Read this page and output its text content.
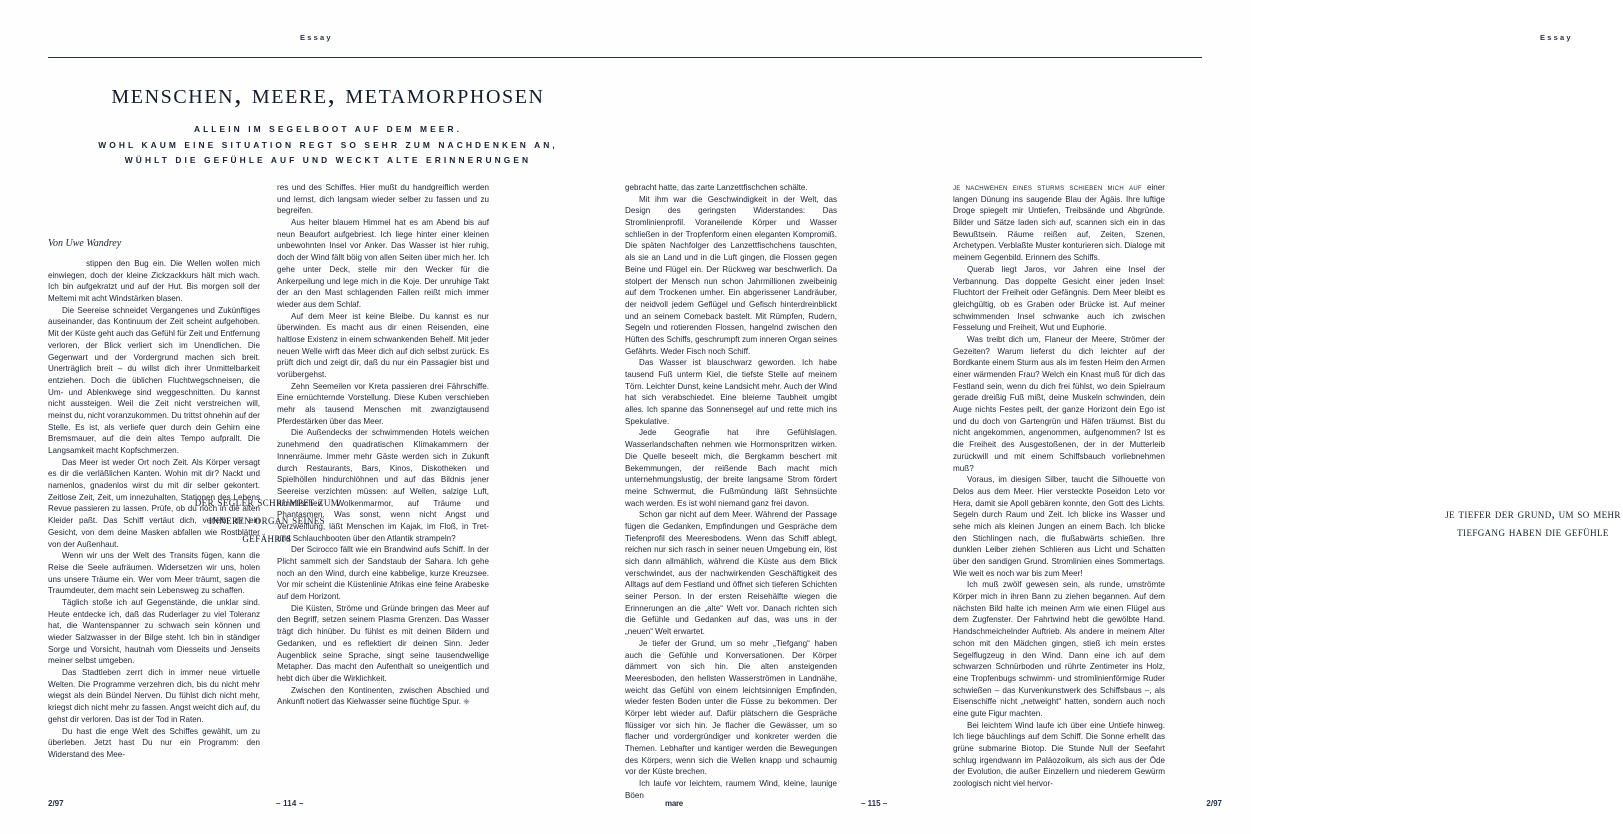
Essay
menschen, meere, metamorphosen
ALLEIN IM SEGELBOOT AUF DEM MEER.
WOHL KAUM EINE SITUATION REGT SO SEHR ZUM NACHDENKEN AN,
WÜHLT DIE GEFÜHLE AUF UND WECKT ALTE ERINNERUNGEN
Von Uwe Wandrey

stippen den Bug ein. Die Wellen wollen mich einwiegen, doch der kleine Zickzackkurs hält mich wach. Ich bin aufgekratzt und auf der Hut. Bis morgen soll der Meltemi mit acht Windstärken blasen.

Die Seereise schneidet Vergangenes und Zukünftiges auseinander, das Kontinuum der Zeit scheint aufgehoben. Mit der Küste geht auch das Gefühl für Zeit und Entfernung verloren, der Blick verliert sich im Unendlichen. Die Gegenwart und der Vordergrund machen sich breit. Unerträglich breit – du willst dich ihrer Unmittelbarkeit entziehen. Doch die üblichen Fluchtwegschneisen, die Um- und Ablenkwege sind weggeschnitten. Du kannst nicht aussteigen. Weil die Zeit nicht verstreichen will, meinst du, nicht voranzukommen. Du trittst ohnehin auf der Stelle. Es ist, als verliefe quer durch dein Gehirn eine Bremsmauer, auf die dein altes Tempo aufprallt. Die Langsamkeit macht Kopfschmerzen.

Das Meer ist weder Ort noch Zeit. Als Körper versagt es dir die verläßlichen Kanten. Wohin mit dir? Nackt und namenlos, gnadenlos wirst du mit dir selber gekontert. Zeitlose Zeit, Zeit, um innezuhalten, Stationen des Lebens Revue passieren zu lassen. Prüfe, ob du noch in die alten Kleider paßt. Das Schiff vertäut dich, verleiht dir ein Gesicht, von dem deine Masken abfallen wie Rostblätter von der Außenhaut.

Wenn wir uns der Welt des Transits fügen, kann die Reise die Seele aufräumen. Widersetzen wir uns, holen uns unsere Träume ein. Wer vom Meer träumt, sagen die Traumdeuter, dem macht sein Lebensweg zu schaffen.

Täglich stoße ich auf Gegenstände, die unklar sind. Heute entdecke ich, daß das Ruderlager zu viel Toleranz hat, die Wantenspanner zu schwach sein können und wieder Salzwasser in der Bilge steht. Ich bin in ständiger Sorge und Vorsicht, hautnah vom Diesseits und Jenseits meiner selbst umgeben.

Das Stadtleben zerrt dich in immer neue virtuelle Welten. Die Programme verzehren dich, bis du nicht mehr wiegst als dein Bündel Nerven. Du fühlst dich nicht mehr, kriegst dich nicht mehr zu fassen. Angst weicht dich auf, du gehst dir verloren. Das ist der Tod in Raten.

Du hast die enge Welt des Schiffes gewählt, um zu überleben. Jetzt hast Du nur ein Programm: den Widerstand des Mee-

res und des Schiffes. Hier mußt du handgreiflich werden und lernst, dich langsam wieder selber zu fassen und zu begreifen.

Aus heiter blauem Himmel hat es am Abend bis auf neun Beaufort aufgebriest. Ich liege hinter einer kleinen unbewohnten Insel vor Anker. Das Wasser ist hier ruhig, doch der Wind fällt böig von allen Seiten über mich her. Ich gehe unter Deck, stelle mir den Wecker für die Ankerpeilung und lege mich in die Koje. Der unruhige Takt der an den Mast schlagenden Fallen reißt mich immer wieder aus dem Schlaf.

Auf dem Meer ist keine Bleibe. Du kannst es nur überwinden. Es macht aus dir einen Reisenden, eine haltlose Existenz in einem schwankenden Behelf. Mit jeder neuen Welle wirft das Meer dich auf dich selbst zurück. Es prüft dich und zeigt dir, daß du nur ein Passagier bist und vorübergehst.

Zehn Seemeilen vor Kreta passieren drei Fährschiffe. Eine ernüchternde Vorstellung. Diese Kuben verschieben mehr als tausend Menschen mit zwanzigtausend Pferdestärken über das Meer.

Die Außendecks der schwimmenden Hotels weichen zunehmend den quadratischen Klimakammern der Innenräume. Immer mehr Gäste werden sich in Zukunft durch Restaurants, Bars, Kinos, Diskotheken und Spielhöllen hindurchlöhnen und auf das Bildnis jener Seereise verzichten müssen: auf Wellen, salzige Luft, himmlischen Wolkenmarmor, auf Träume und Phantasmen. Was sonst, wenn nicht Angst und Verzweiflung, läßt Menschen im Kajak, im Floß, in Tret- und Schlauchbooten über den Atlantik strampeln?

Der Scirocco fällt wie ein Brandwind aufs Schiff. In der Plicht sammelt sich der Sandstaub der Sahara. Ich gehe noch an den Wind, durch eine kabbelige, kurze Kreuzsee. Vor mir scheint die Küstenlinie Afrikas eine feine Arabeske auf dem Horizont.

Die Küsten, Ströme und Gründe bringen das Meer auf den Begriff, setzen seinem Plasma Grenzen. Das Wasser trägt dich hinüber. Du fühlst es mit deinen Bildern und Gedanken, und es reflektiert dir deinen Sinn. Jeder Augenblick seine Sprache, singt seine tausendwellige Metapher. Das macht den Aufenthalt so uneigentlich und hebt dich über die Wirklichkeit.

Zwischen den Kontinenten, zwischen Abschied und Ankunft notiert das Kielwasser seine flüchtige Spur. ⎈

der segler schrumpft zum inneren organ seines gefährts
2/97	– 114 –
Essay

je nachwehen eines sturms schieben mich auf einer langen Dünung ins saugende Blau der Ägäis. Ihre luftige Droge spiegelt mir Untiefen, Treibsände und Abgründe. Bilder und Sätze laden sich auf, scannen sich ein in das Bewußtsein. Räume reißen auf, Zeiten, Szenen, Archetypen. Verblaßte Muster konturieren sich. Dialoge mit meinem Gegenbild. Erinnern des Schiffs.

Querab liegt Jaros, vor Jahren eine Insel der Verbannung. Das doppelte Gesicht einer jeden Insel: Fluchtort der Freiheit oder Gefängnis. Dem Meer bleibt es gleichgültig, ob es Graben oder Brücke ist. Auf meiner schwimmenden Insel schwanke auch ich zwischen Fesselung und Freiheit, Wut und Euphorie.

Was treibt dich um, Flaneur der Meere, Strömer der Gezeiten? Warum lieferst du dich leichter auf der Bordkante einem Sturm aus als im festen Heim den Armen einer wärmenden Frau? Welch ein Knast muß für dich das Festland sein, wenn du dich frei fühlst, wo dein Spielraum gerade dreißig Fuß mißt, deine Muskeln schwinden, dein Auge nichts Festes peilt, der ganze Horizont dein Ego ist und du doch von Gartengrün und Häfen träumst. Bist du nicht angekommen, angenommen, aufgenommen? Ist es die Freiheit des Ausgestoßenen, der in der Mutterleib zurückwill und mit einem Schiffsbauch vorliebnehmen muß?

Voraus, im diesigen Silber, taucht die Silhouette von Delos aus dem Meer. Hier versteckte Poseidon Leto vor Hera, damit sie Apoll gebären konnte, den Gott des Lichts. Segeln durch Raum und Zeit. Ich blicke ins Wasser und sehe mich als kleinen Jungen an einem Bach. Ich blicke den Stichlingen nach, die flußabwärts schießen. Ihre dunklen Leiber ziehen Schlieren aus Licht und Schatten über den sandigen Grund. Stromlinien eines Sommertags. Wie weit es noch war bis zum Meer!

Ich muß zwölf gewesen sein, als runde, umströmte Körper mich in ihren Bann zu ziehen begannen. Auf dem nächsten Bild halte ich meinen Arm wie einen Flügel aus dem Zugfenster. Der Fahrtwind hebt die gewölbte Hand. Handschmeichelnder Auftrieb. Als andere in meinem Alter schon mit den Mädchen gingen, stieß ich mein erstes Segelflugzeug in den Wind. Dann eine ich auf dem schwarzen Schnürboden und rührte Zentimeter ins Holz, eine Tropfenbugs schwimm- und stromlinienförmige Ruder schwießen – das Kurvenkunstwerk des Schiffsbaus –, als Eisenschiffe nicht „netweight“ hatten, sondern auch noch eine gute Figur machten.

Bei leichtem Wind laufe ich über eine Untiefe hinweg. Ich liege bäuchlings auf dem Schiff. Die Sonne erhellt das grüne submarine Biotop. Die Stunde Null der Seefahrt schlug irgendwann im Paläozoikum, als sich aus der Öde der Evolution, die außer Einzellern und niederem Gewürm zoologisch nicht viel hervor-

gebracht hatte, das zarte Lanzettfischchen schälte.

Mit ihm war die Geschwindigkeit in der Welt, das Design des geringsten Widerstandes: Das Stromlinienprofil. Voraneilende Körper und Wasser schließen in der Tropfenform einen eleganten Kompromiß. Die späten Nachfolger des Lanzettfischchens tauschten, als sie an Land und in die Luft gingen, die Flossen gegen Beine und Flügel ein. Der Rückweg war beschwerlich. Da stolpert der Mensch nun schon Jahrmillionen zweibeinig auf dem Trockenen umher. Ein abgerissener Landräuber, der neidvoll jedem Geflügel und Gefisch hinterdreinblickt und an seinem Comeback bastelt. Mit Rümpfen, Rudern, Segeln und rotierenden Flossen, hangelnd zwischen den Hüften des Schiffs, geschrumpft zum inneren Organ seines Gefährts. Weder Fisch noch Schiff.

Das Wasser ist blauschwarz geworden. Ich habe tausend Fuß unterm Kiel, die tiefste Stelle auf meinem Törn. Leichter Dunst, keine Landsicht mehr. Auch der Wind hat sich verabschiedet. Eine bleierne Taubheit umgibt alles. Ich spanne das Sonnensegel auf und rette mich ins Spekulative.

Jede Geografie hat ihre Gefühlslagen. Wasserlandschaften nehmen wie Hormonspritzen wirken. Die Quelle beseelt mich, die Bergkamm beschert mit Bekemmungen, der reißende Bach macht mich unternehmungslustig, der breite langsame Strom fördert meine Schwermut, die Fußmündung läßt Sehnsüchte wach werden. Es ist wohl niemand ganz frei davon.

Schon gar nicht auf dem Meer. Während der Passage fügen die Gedanken, Empfindungen und Gespräche dem Tiefenprofil des Meeresbodens. Wenn das Schiff ablegt, reichen nur sich rasch in seiner neuen Umgebung ein, löst sich dann allmählich, während die Küste aus dem Blick verschwindet, aus der nachwirkenden Geschäftigkeit des Alltags auf dem Festland und öffnet sich tieferen Schichten seiner Person. In der ersten Reisehälfte wiegen die Erinnerungen an die „alte“ Welt vor. Danach richten sich die Gefühle und Gedanken auf das, was uns in der „neuen“ Welt erwartet.

Je tiefer der Grund, um so mehr „Tiefgang“ haben auch die Gefühle und Konversationen. Der Körper dämmert von sich hin. Die alten ansteigenden Meeresboden, den hellsten Wasserströmen in Landnähe, weicht das Gefühl von einem leichtsinnigen Empfinden, wieder festen Boden unter die Füsse zu bekommen. Der Körper lebt wieder auf. Dafür plätschern die Gespräche flüssiger vor sich hin. Je flacher die Gewässer, um so flacher und vordergründiger und konkreter werden die Themen. Lebhafter und kantiger werden die Bewegungen des Körpers, wenn sich die Wellen knapp und schaumig vor der Küste brechen.

Ich laufe vor leichtem, raumem Wind, kleine, launige Böen

je tiefer der grund, um so mehr tiefgang haben die gefühle
mare	– 115 –	2/97
